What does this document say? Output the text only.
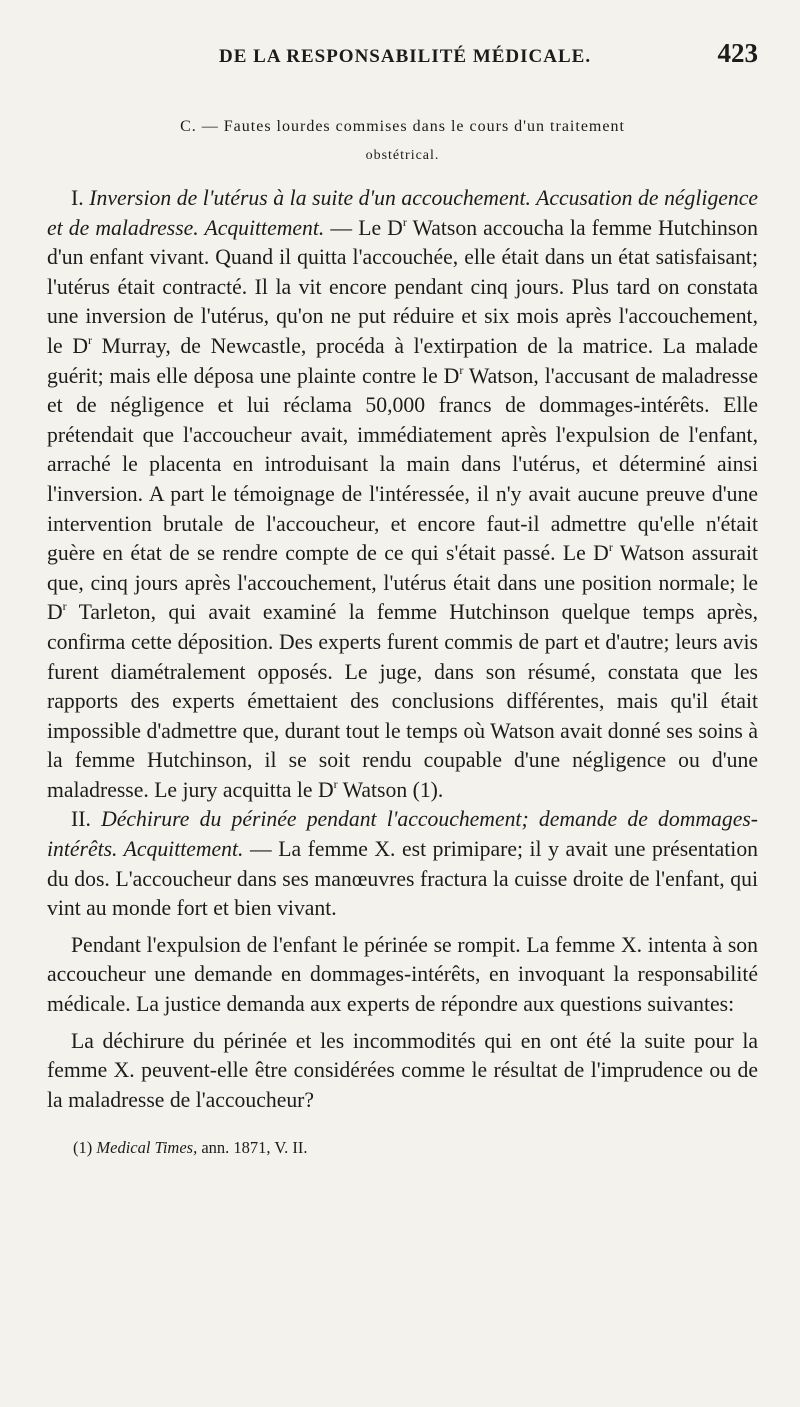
DE LA RESPONSABILITÉ MÉDICALE.	423
C. — Fautes lourdes commises dans le cours d'un traitement
obstétrical.

I. Inversion de l'utérus à la suite d'un accouchement. Accusation de négligence et de maladresse. Acquittement. — Le $D^r$ Watson accoucha la femme Hutchinson d'un enfant vivant. Quand il quitta l'accouchée, elle était dans un état satisfaisant; l'utérus était contracté. Il la vit encore pendant cinq jours. Plus tard on constata une inversion de l'utérus, qu'on ne put réduire et six mois après l'accouchement, le $D^r$ Murray, de Newcastle, procéda à l'extirpation de la matrice. La malade guérit; mais elle déposa une plainte contre le $D^r$ Watson, l'accusant de maladresse et de négligence et lui réclama 50,000 francs de dommages-intérêts. Elle prétendait que l'accoucheur avait, immédiatement après l'expulsion de l'enfant, arraché le placenta en introduisant la main dans l'utérus, et déterminé ainsi l'inversion. A part le témoignage de l'intéressée, il n'y avait aucune preuve d'une intervention brutale de l'accoucheur, et encore faut-il admettre qu'elle n'était guère en état de se rendre compte de ce qui s'était passé. Le $D^r$ Watson assurait que, cinq jours après l'accouchement, l'utérus était dans une position normale; le $D^r$ Tarleton, qui avait examiné la femme Hutchinson quelque temps après, confirma cette déposition. Des experts furent commis de part et d'autre; leurs avis furent diamétralement opposés. Le juge, dans son résumé, constata que les rapports des experts émettaient des conclusions différentes, mais qu'il était impossible d'admettre que, durant tout le temps où Watson avait donné ses soins à la femme Hutchinson, il se soit rendu coupable d'une négligence ou d'une maladresse. Le jury acquitta le $D^r$ Watson (1).

II. Déchirure du périnée pendant l'accouchement; demande de dommages-intérêts. Acquittement. — La femme X. est primipare; il y avait une présentation du dos. L'accoucheur dans ses manœuvres fractura la cuisse droite de l'enfant, qui vint au monde fort et bien vivant.

Pendant l'expulsion de l'enfant le périnée se rompit. La femme X. intenta à son accoucheur une demande en dommages-intérêts, en invoquant la responsabilité médicale. La justice demanda aux experts de répondre aux questions suivantes:

La déchirure du périnée et les incommodités qui en ont été la suite pour la femme X. peuvent-elle être considérées comme le résultat de l'imprudence ou de la maladresse de l'accoucheur?

(1) Medical Times, ann. 1871, V. II.
